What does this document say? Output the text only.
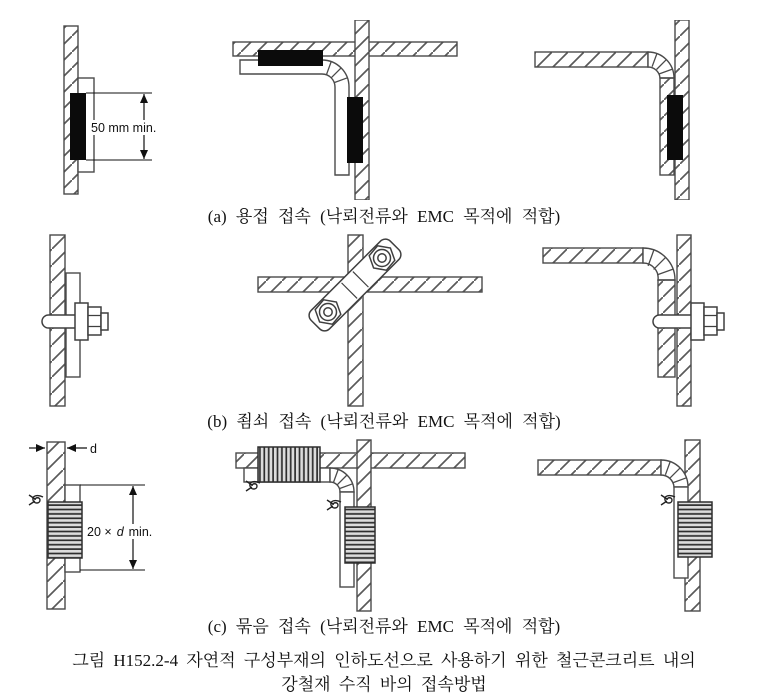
50 mm min.
(a) 용접 접속 (낙뢰전류와 EMC 목적에 적합)
(b) 죔쇠 접속 (낙뢰전류와 EMC 목적에 적합)
d
20 × d min.
(c) 묶음 접속 (낙뢰전류와 EMC 목적에 적합)
그림 H152.2-4 자연적 구성부재의 인하도선으로 사용하기 위한 철근콘크리트 내의
강철재 수직 바의 접속방법
